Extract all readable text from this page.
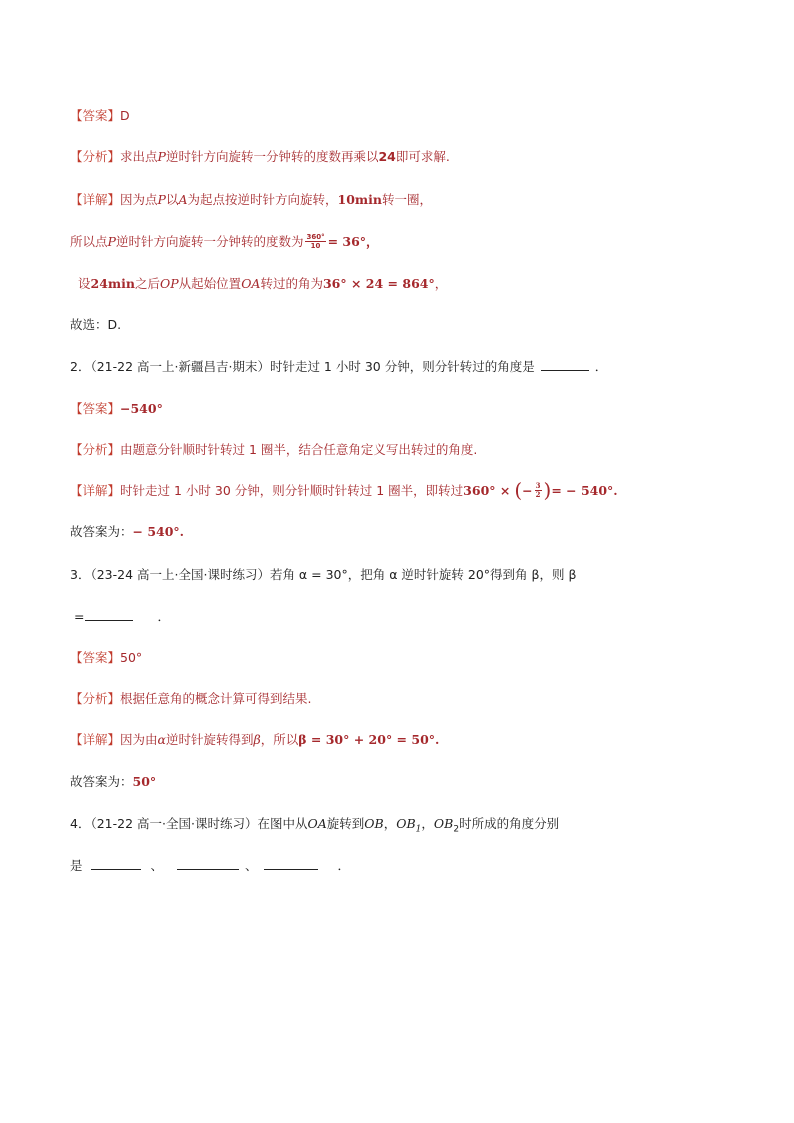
【答案】D
【分析】求出点P逆时针方向旋转一分钟转的度数再乘以24即可求解.
【详解】因为点P以A为起点按逆时针方向旋转，10min转一圈，
所以点P逆时针方向旋转一分钟转的度数为 $\frac{360^\circ}{10} = 36^\circ$，
设24min之后OP从起始位置OA转过的角为36° × 24 = 864°，
故选：D.
2．（21-22 高一上·新疆昌吉·期末）时针走过 1 小时 30 分钟，则分针转过的角度是	．
【答案】−540°
【分析】由题意分针顺时针转过 1 圈半，结合任意角定义写出转过的角度.
【详解】时针走过 1 小时 30 分钟，则分针顺时针转过 1 圈半，即转过360° × (− $\frac{3}{2}$ )= − 540°.
故答案为：− 540°.
3．（23-24 高一上·全国·课时练习）若角 α = 30°，把角 α 逆时针旋转 20°得到角 β，则 β
=	．
【答案】50°
【分析】根据任意角的概念计算可得到结果.
【详解】因为由α逆时针旋转得到β，所以β = 30° + 20° = 50°.
故答案为：50°
4．（21-22 高一·全国·课时练习）在图中从OA旋转到OB，$OB_1$，$OB_2$时所成的角度分别
是	、	、	．
